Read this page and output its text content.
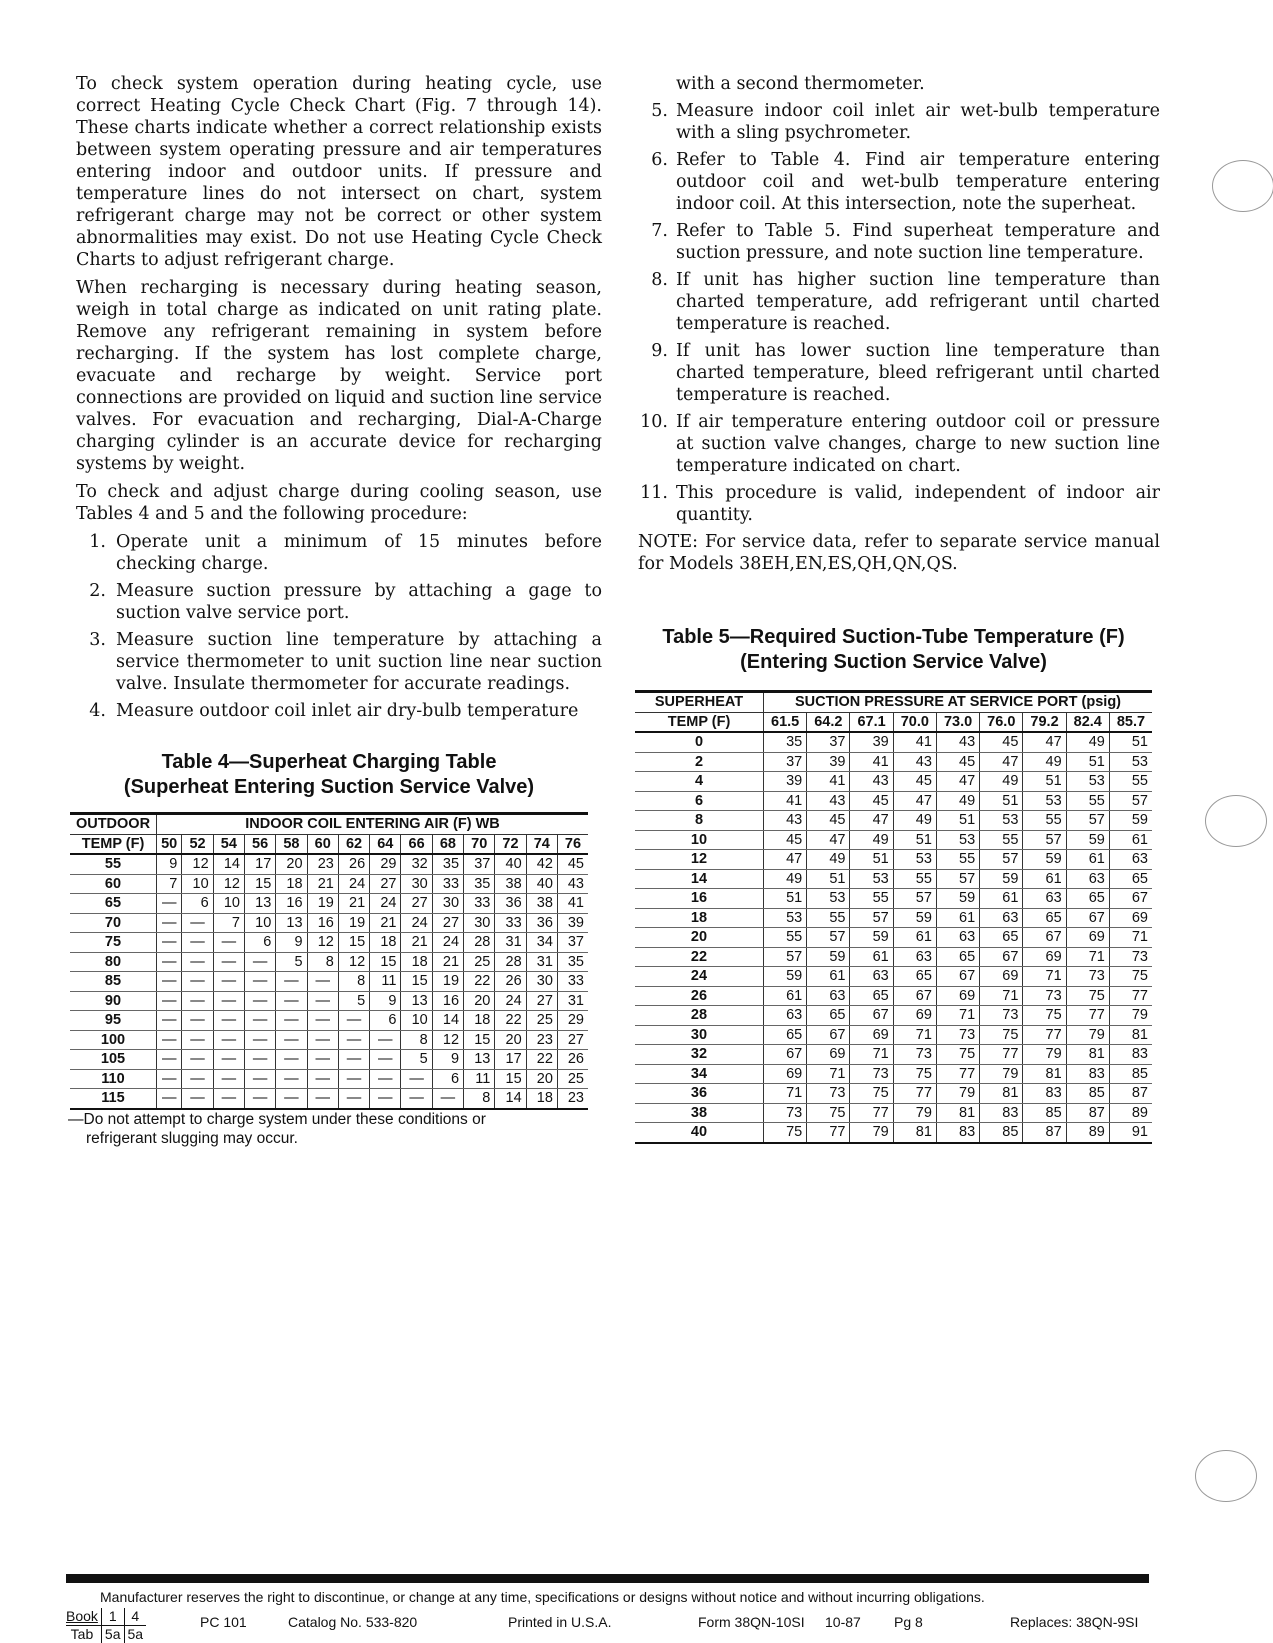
To check system operation during heating cycle, use correct Heating Cycle Check Chart (Fig. 7 through 14). These charts indicate whether a correct relationship exists between system operating pressure and air temperatures entering indoor and outdoor units. If pressure and temperature lines do not intersect on chart, system refrigerant charge may not be correct or other system abnormalities may exist. Do not use Heating Cycle Check Charts to adjust refrigerant charge.

When recharging is necessary during heating season, weigh in total charge as indicated on unit rating plate. Remove any refrigerant remaining in system before recharging. If the system has lost complete charge, evacuate and recharge by weight. Service port connections are provided on liquid and suction line service valves. For evacuation and recharging, Dial-A-Charge charging cylinder is an accurate device for recharging systems by weight.

To check and adjust charge during cooling season, use Tables 4 and 5 and the following procedure:

1. Operate unit a minimum of 15 minutes before checking charge.
2. Measure suction pressure by attaching a gage to suction valve service port.
3. Measure suction line temperature by attaching a service thermometer to unit suction line near suction valve. Insulate thermometer for accurate readings.
4. Measure outdoor coil inlet air dry-bulb temperature
with a second thermometer.
5. Measure indoor coil inlet air wet-bulb temperature with a sling psychrometer.
6. Refer to Table 4. Find air temperature entering outdoor coil and wet-bulb temperature entering indoor coil. At this intersection, note the superheat.
7. Refer to Table 5. Find superheat temperature and suction pressure, and note suction line temperature.
8. If unit has higher suction line temperature than charted temperature, add refrigerant until charted temperature is reached.
9. If unit has lower suction line temperature than charted temperature, bleed refrigerant until charted temperature is reached.
10. If air temperature entering outdoor coil or pressure at suction valve changes, charge to new suction line temperature indicated on chart.
11. This procedure is valid, independent of indoor air quantity.

NOTE: For service data, refer to separate service manual for Models 38EH,EN,ES,QH,QN,QS.

Table 4—Superheat Charging Table
(Superheat Entering Suction Service Valve)
OUTDOOR	INDOOR COIL ENTERING AIR (F) WB													
TEMP (F)	50	52	54	56	58	60	62	64	66	68	70	72	74	76
55	9	12	14	17	20	23	26	29	32	35	37	40	42	45
60	7	10	12	15	18	21	24	27	30	33	35	38	40	43
65	—	6	10	13	16	19	21	24	27	30	33	36	38	41
70	—	—	7	10	13	16	19	21	24	27	30	33	36	39
75	—	—	—	6	9	12	15	18	21	24	28	31	34	37
80	—	—	—	—	5	8	12	15	18	21	25	28	31	35
85	—	—	—	—	—	—	8	11	15	19	22	26	30	33
90	—	—	—	—	—	—	5	9	13	16	20	24	27	31
95	—	—	—	—	—	—	—	6	10	14	18	22	25	29
100	—	—	—	—	—	—	—	—	8	12	15	20	23	27
105	—	—	—	—	—	—	—	—	5	9	13	17	22	26
110	—	—	—	—	—	—	—	—	—	6	11	15	20	25
115	—	—	—	—	—	—	—	—	—	—	8	14	18	23
—Do not attempt to charge system under these conditions or
refrigerant slugging may occur.
Table 5—Required Suction-Tube Temperature (F)
(Entering Suction Service Valve)
SUPERHEAT	SUCTION PRESSURE AT SERVICE PORT (psig)								
TEMP (F)	61.5	64.2	67.1	70.0	73.0	76.0	79.2	82.4	85.7
0	35	37	39	41	43	45	47	49	51
2	37	39	41	43	45	47	49	51	53
4	39	41	43	45	47	49	51	53	55
6	41	43	45	47	49	51	53	55	57
8	43	45	47	49	51	53	55	57	59
10	45	47	49	51	53	55	57	59	61
12	47	49	51	53	55	57	59	61	63
14	49	51	53	55	57	59	61	63	65
16	51	53	55	57	59	61	63	65	67
18	53	55	57	59	61	63	65	67	69
20	55	57	59	61	63	65	67	69	71
22	57	59	61	63	65	67	69	71	73
24	59	61	63	65	67	69	71	73	75
26	61	63	65	67	69	71	73	75	77
28	63	65	67	69	71	73	75	77	79
30	65	67	69	71	73	75	77	79	81
32	67	69	71	73	75	77	79	81	83
34	69	71	73	75	77	79	81	83	85
36	71	73	75	77	79	81	83	85	87
38	73	75	77	79	81	83	85	87	89
40	75	77	79	81	83	85	87	89	91
Manufacturer reserves the right to discontinue, or change at any time, specifications or designs without notice and without incurring obligations.
Book	1	4
Tab	5a	5a
PC 101	Catalog No. 533-820	Printed in U.S.A.	Form 38QN-10SI 10-87 Pg 8	Replaces: 38QN-9SI
